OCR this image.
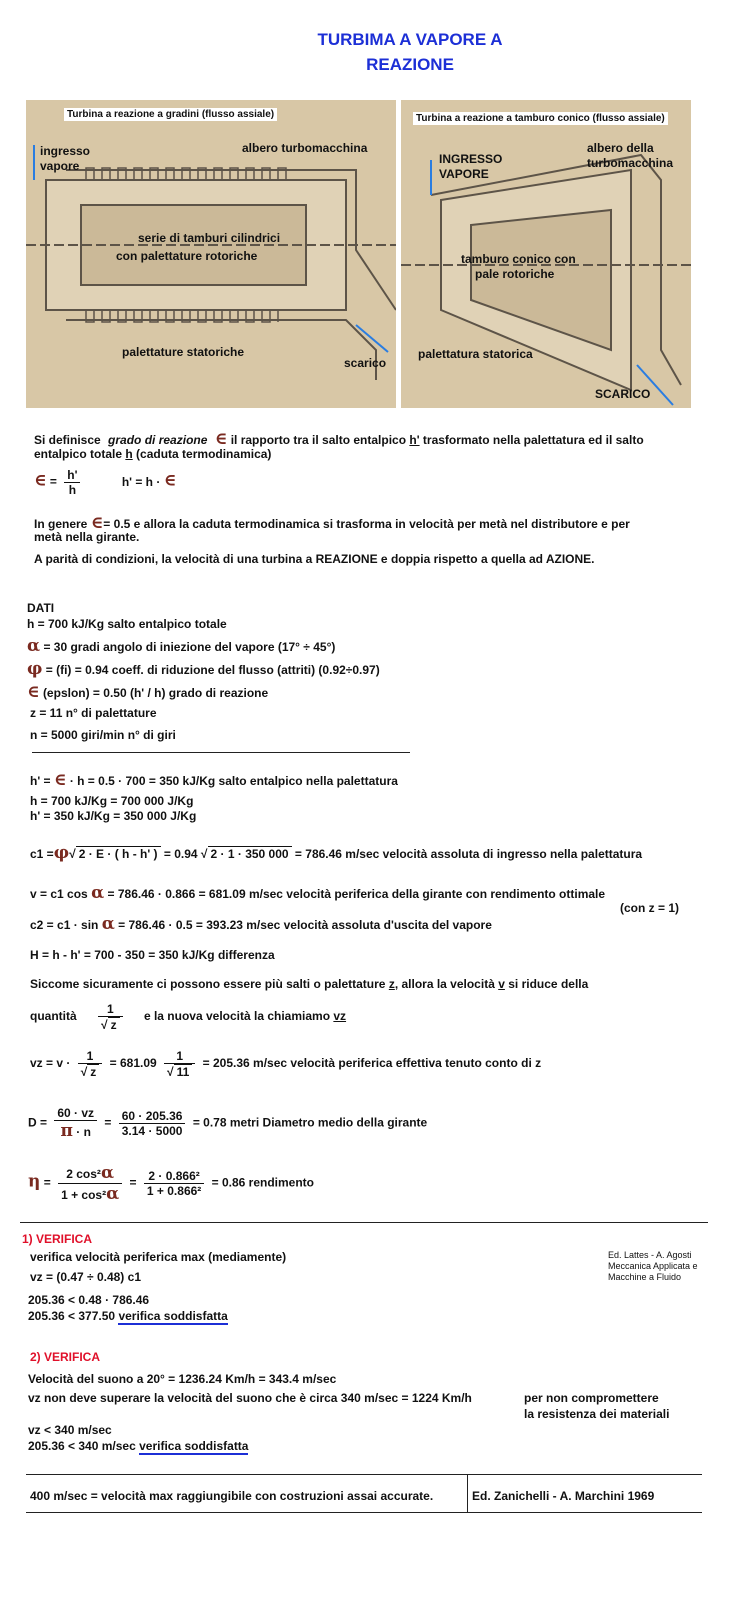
TURBIMA A VAPORE A
REAZIONE
Turbina a reazione a gradini (flusso assiale)
ingresso
vapore
albero turbomacchina
serie di tamburi cilindrici
con palettature rotoriche
palettature statoriche
scarico
Turbina a reazione a tamburo conico (flusso assiale)
INGRESSO
VAPORE
albero della
turbomacchina
tamburo conico con
pale rotoriche
palettatura statorica
SCARICO
Si definisce grado di reazione ∈ il rapporto tra il salto entalpico h' trasformato nella palettatura ed il salto
entalpico totale h (caduta termodinamica)
∈ = $\frac{h'}{h}$	h' = h · ∈
In genere ∈= 0.5 e allora la caduta termodinamica si trasforma in velocità per metà nel distributore e per
metà nella girante.
A parità di condizioni, la velocità di una turbina a REAZIONE e doppia rispetto a quella ad AZIONE.
DATI
h = 700 kJ/Kg salto entalpico totale
α = 30 gradi angolo di iniezione del vapore (17° ÷ 45°)
φ = (fi) = 0.94 coeff. di riduzione del flusso (attriti) (0.92÷0.97)
∈ (epslon) = 0.50 (h' / h) grado di reazione
z = 11 n° di palettature
n = 5000 giri/min n° di giri
h' = ∈ · h = 0.5 · 700 = 350 kJ/Kg salto entalpico nella palettatura
h = 700 kJ/Kg = 700 000 J/Kg
h' = 350 kJ/Kg = 350 000 J/Kg
c1 =φ√ 2 · E · ( h - h' ) = 0.94 √ 2 · 1 · 350 000 = 786.46 m/sec velocità assoluta di ingresso nella palettatura
v = c1 cos α = 786.46 · 0.866 = 681.09 m/sec velocità periferica della girante con rendimento ottimale
(con z = 1)
c2 = c1 · sin α = 786.46 · 0.5 = 393.23 m/sec velocità assoluta d'uscita del vapore
H = h - h' = 700 - 350 = 350 kJ/Kg differenza
Siccome sicuramente ci possono essere più salti o palettature z, allora la velocità v si riduce della
quantità $\frac{1}{√ z}$ e la nuova velocità la chiamiamo vz
vz = $v \cdot \frac{1}{√ z} = 681.09 \frac{1}{√ 11} = 205.36$ m/sec velocità periferica effettiva tenuto conto di z
$D = \frac{60 \cdot vz}{\pi \cdot n} = \frac{60 \cdot 205.36}{3.14 \cdot 5000} = 0.78$ metri Diametro medio della girante
$\eta = \frac{\text{2 cos²α}}{\text{1 + cos²α}} = \frac{\text{2 · 0.866²}}{\text{1 + 0.866²}} = 0.86$ rendimento
1) VERIFICA
verifica velocità periferica max (mediamente)
vz = (0.47 ÷ 0.48) c1
205.36 < 0.48 · 786.46
205.36 < 377.50 verifica soddisfatta
Ed. Lattes - A. Agosti
Meccanica Applicata e
Macchine a Fluido
2) VERIFICA
Velocità del suono a 20° = 1236.24 Km/h = 343.4 m/sec
vz non deve superare la velocità del suono che è circa 340 m/sec = 1224 Km/h	per non compromettere
la resistenza dei materiali
vz < 340 m/sec
205.36 < 340 m/sec verifica soddisfatta
400 m/sec = velocità max raggiungibile con costruzioni assai accurate.	Ed. Zanichelli - A. Marchini 1969
